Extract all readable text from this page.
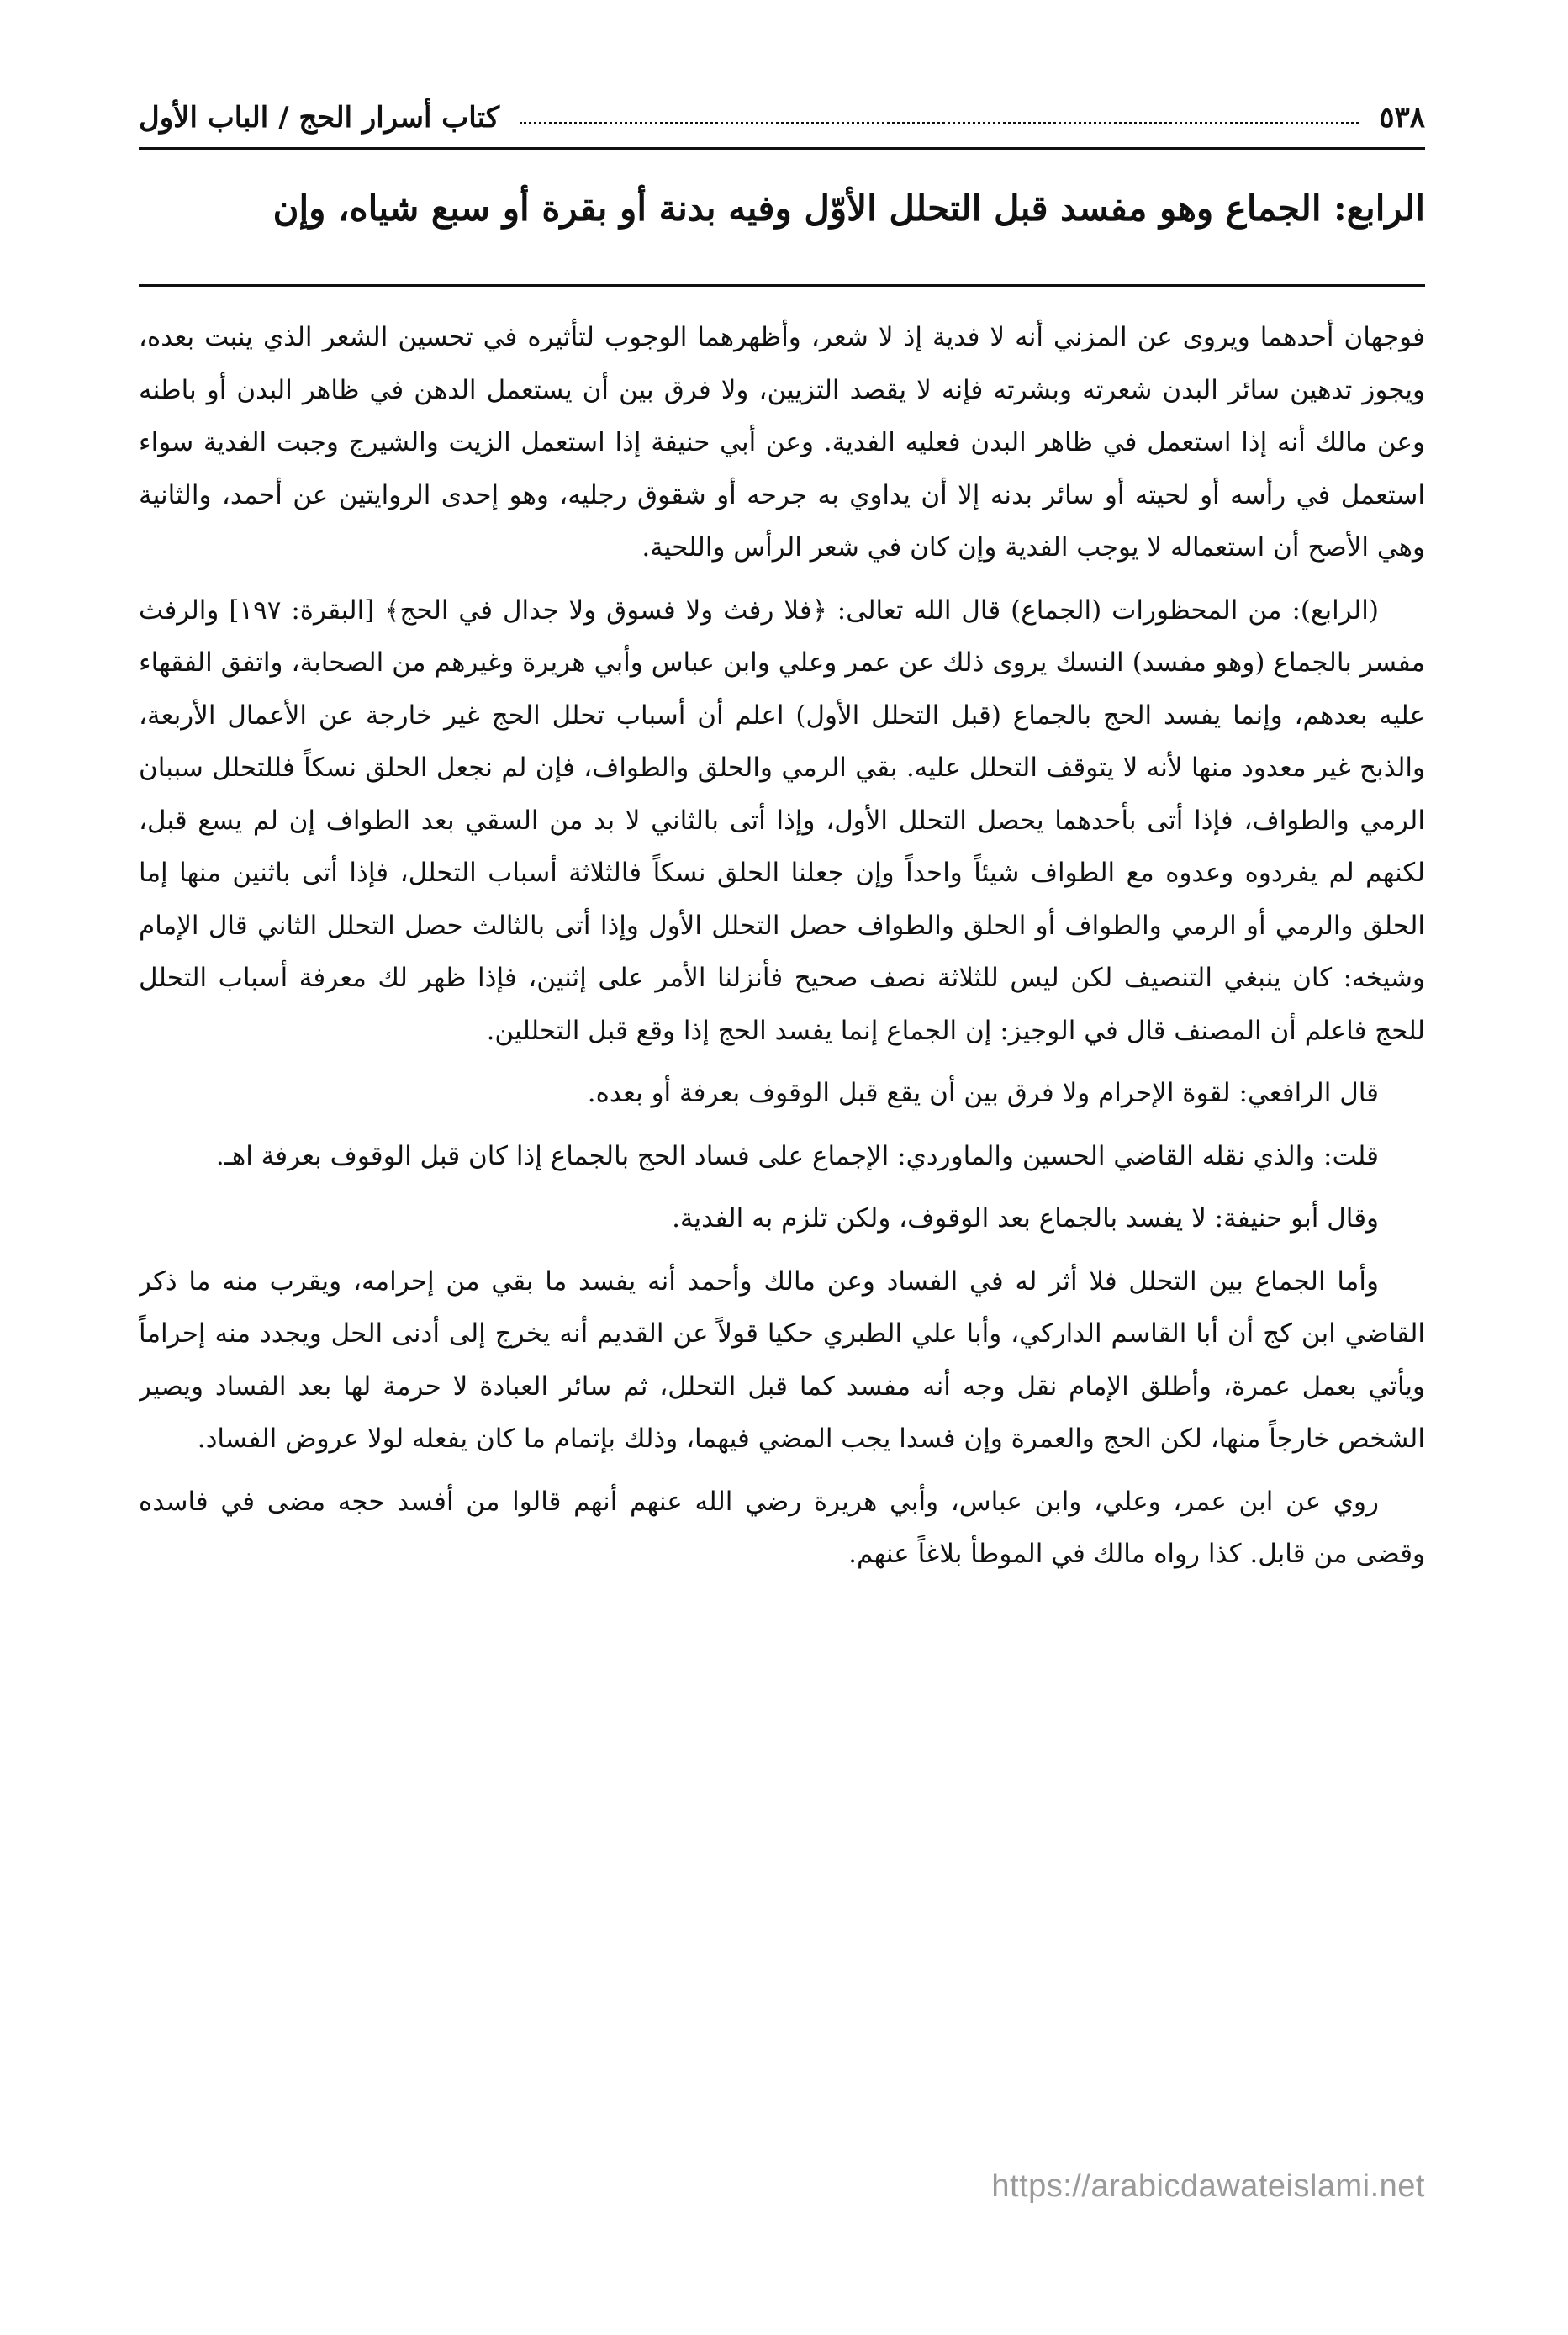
٥٣٨
كتاب أسرار الحج / الباب الأول
الرابع: الجماع وهو مفسد قبل التحلل الأوّل وفيه بدنة أو بقرة أو سبع شياه، وإن

فوجهان أحدهما ويروى عن المزني أنه لا فدية إذ لا شعر، وأظهرهما الوجوب لتأثيره في تحسين الشعر الذي ينبت بعده، ويجوز تدهين سائر البدن شعرته وبشرته فإنه لا يقصد التزيين، ولا فرق بين أن يستعمل الدهن في ظاهر البدن أو باطنه وعن مالك أنه إذا استعمل في ظاهر البدن فعليه الفدية. وعن أبي حنيفة إذا استعمل الزيت والشيرج وجبت الفدية سواء استعمل في رأسه أو لحيته أو سائر بدنه إلا أن يداوي به جرحه أو شقوق رجليه، وهو إحدى الروايتين عن أحمد، والثانية وهي الأصح أن استعماله لا يوجب الفدية وإن كان في شعر الرأس واللحية.

(الرابع): من المحظورات (الجماع) قال الله تعالى: ﴿فلا رفث ولا فسوق ولا جدال في الحج﴾ [البقرة: ١٩٧] والرفث مفسر بالجماع (وهو مفسد) النسك يروى ذلك عن عمر وعلي وابن عباس وأبي هريرة وغيرهم من الصحابة، واتفق الفقهاء عليه بعدهم، وإنما يفسد الحج بالجماع (قبل التحلل الأول) اعلم أن أسباب تحلل الحج غير خارجة عن الأعمال الأربعة، والذبح غير معدود منها لأنه لا يتوقف التحلل عليه. بقي الرمي والحلق والطواف، فإن لم نجعل الحلق نسكاً فللتحلل سببان الرمي والطواف، فإذا أتى بأحدهما يحصل التحلل الأول، وإذا أتى بالثاني لا بد من السقي بعد الطواف إن لم يسع قبل، لكنهم لم يفردوه وعدوه مع الطواف شيئاً واحداً وإن جعلنا الحلق نسكاً فالثلاثة أسباب التحلل، فإذا أتى باثنين منها إما الحلق والرمي أو الرمي والطواف أو الحلق والطواف حصل التحلل الأول وإذا أتى بالثالث حصل التحلل الثاني قال الإمام وشيخه: كان ينبغي التنصيف لكن ليس للثلاثة نصف صحيح فأنزلنا الأمر على إثنين، فإذا ظهر لك معرفة أسباب التحلل للحج فاعلم أن المصنف قال في الوجيز: إن الجماع إنما يفسد الحج إذا وقع قبل التحللين.

قال الرافعي: لقوة الإحرام ولا فرق بين أن يقع قبل الوقوف بعرفة أو بعده.

قلت: والذي نقله القاضي الحسين والماوردي: الإجماع على فساد الحج بالجماع إذا كان قبل الوقوف بعرفة اهـ.

وقال أبو حنيفة: لا يفسد بالجماع بعد الوقوف، ولكن تلزم به الفدية.

وأما الجماع بين التحلل فلا أثر له في الفساد وعن مالك وأحمد أنه يفسد ما بقي من إحرامه، ويقرب منه ما ذكر القاضي ابن كج أن أبا القاسم الداركي، وأبا علي الطبري حكيا قولاً عن القديم أنه يخرج إلى أدنى الحل ويجدد منه إحراماً ويأتي بعمل عمرة، وأطلق الإمام نقل وجه أنه مفسد كما قبل التحلل، ثم سائر العبادة لا حرمة لها بعد الفساد ويصير الشخص خارجاً منها، لكن الحج والعمرة وإن فسدا يجب المضي فيهما، وذلك بإتمام ما كان يفعله لولا عروض الفساد.

روي عن ابن عمر، وعلي، وابن عباس، وأبي هريرة رضي الله عنهم أنهم قالوا من أفسد حجه مضى في فاسده وقضى من قابل. كذا رواه مالك في الموطأ بلاغاً عنهم.

https://arabicdawateislami.net
